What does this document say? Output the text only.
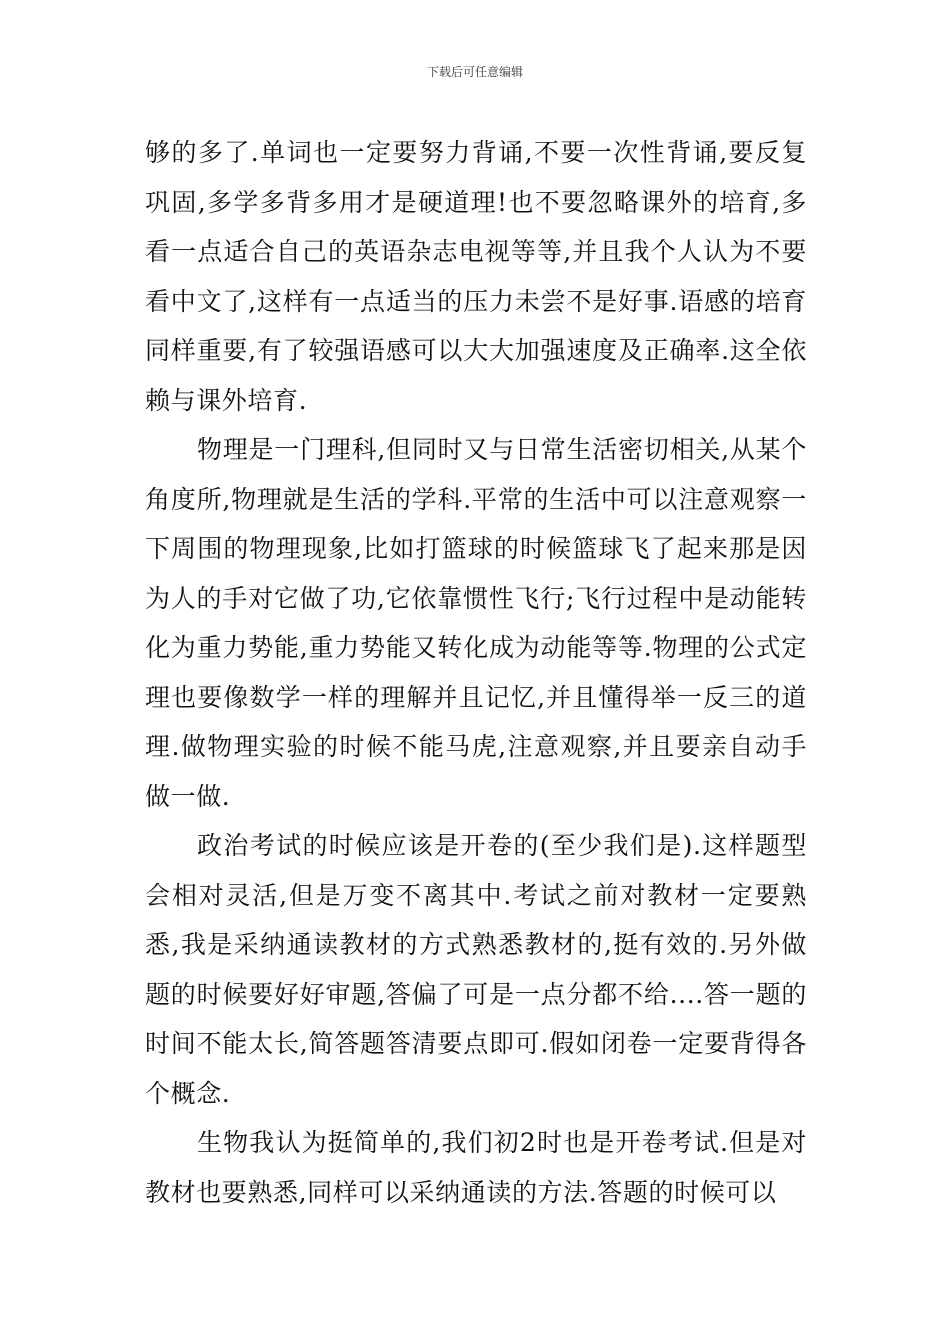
下载后可任意编辑

够的多了.单词也一定要努力背诵,不要一次性背诵,要反复巩固,多学多背多用才是硬道理!也不要忽略课外的培育,多看一点适合自己的英语杂志电视等等,并且我个人认为不要看中文了,这样有一点适当的压力未尝不是好事.语感的培育同样重要,有了较强语感可以大大加强速度及正确率.这全依赖与课外培育.

物理是一门理科,但同时又与日常生活密切相关,从某个角度所,物理就是生活的学科.平常的生活中可以注意观察一下周围的物理现象,比如打篮球的时候篮球飞了起来那是因为人的手对它做了功,它依靠惯性飞行;飞行过程中是动能转化为重力势能,重力势能又转化成为动能等等.物理的公式定理也要像数学一样的理解并且记忆,并且懂得举一反三的道理.做物理实验的时候不能马虎,注意观察,并且要亲自动手做一做.

政治考试的时候应该是开卷的(至少我们是).这样题型会相对灵活,但是万变不离其中.考试之前对教材一定要熟悉,我是采纳通读教材的方式熟悉教材的,挺有效的.另外做题的时候要好好审题,答偏了可是一点分都不给....答一题的时间不能太长,简答题答清要点即可.假如闭卷一定要背得各个概念.

生物我认为挺简单的,我们初2时也是开卷考试.但是对教材也要熟悉,同样可以采纳通读的方法.答题的时候可以
